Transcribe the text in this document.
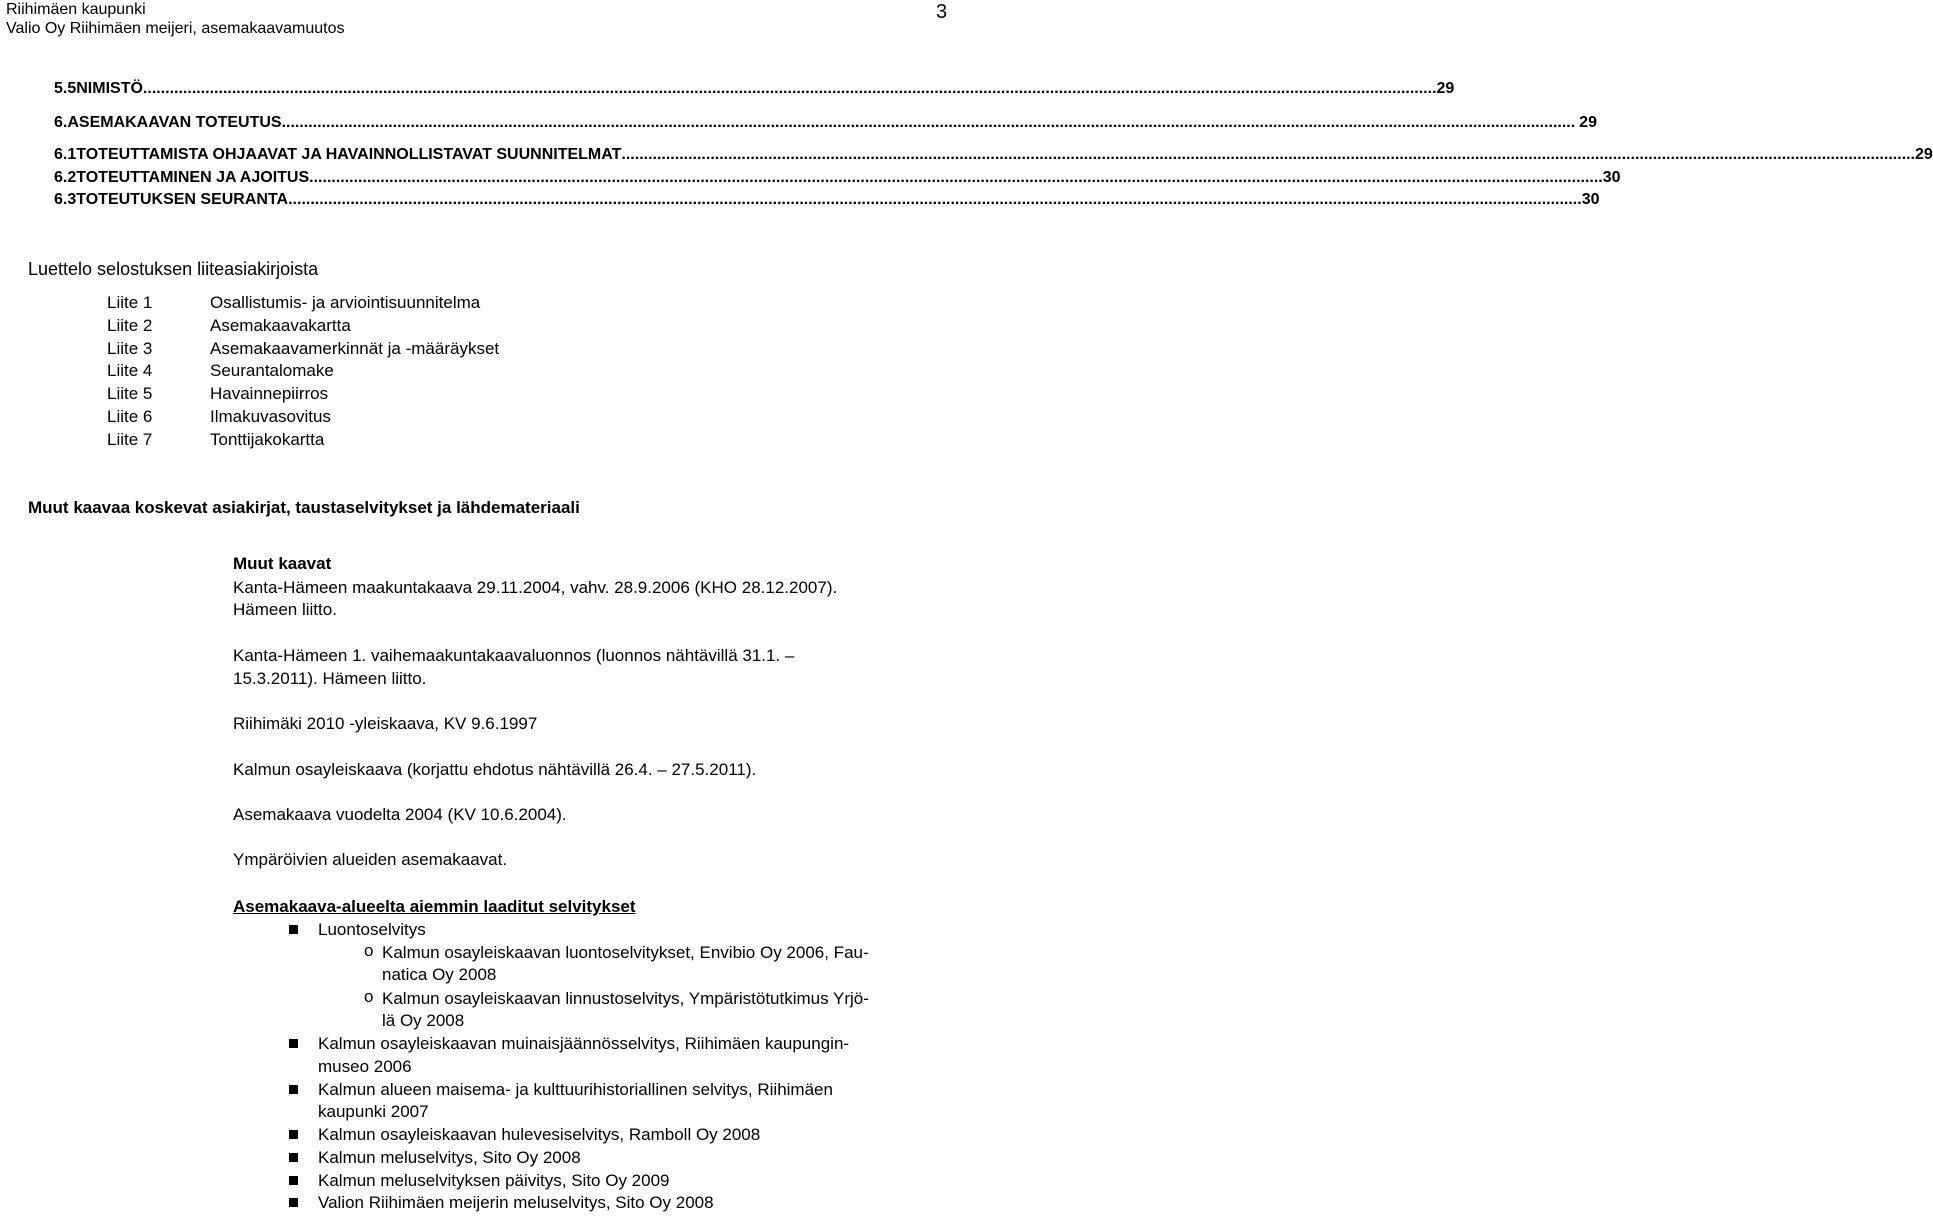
Riihimäen kaupunki
Valio Oy Riihimäen meijeri, asemakaavamuutos
3
5.5 NIMISTÖ .....	29
6. ASEMAKAAVAN TOTEUTUS .....	29
6.1 TOTEUTTAMISTA OHJAAVAT JA HAVAINNOLLISTAVAT SUUNNITELMAT .....	29
6.2 TOTEUTTAMINEN JA AJOITUS .....	30
6.3 TOTEUTUKSEN SEURANTA .....	30
Luettelo selostuksen liiteasiakirjoista
Liite 1	Osallistumis- ja arviointisuunnitelma
Liite 2	Asemakaavakartta
Liite 3	Asemakaavamerkinnät ja -määräykset
Liite 4	Seurantalomake
Liite 5	Havainnepiirros
Liite 6	Ilmakuvasovitus
Liite 7	Tonttijakokartta
Muut kaavaa koskevat asiakirjat, taustaselvitykset ja lähdemateriaali
Muut kaavat
Kanta-Hämeen maakuntakaava 29.11.2004, vahv. 28.9.2006 (KHO 28.12.2007).
Hämeen liitto.
Kanta-Hämeen 1. vaihemaakuntakaavaluonnos (luonnos nähtävillä 31.1. –
15.3.2011). Hämeen liitto.
Riihimäki 2010 -yleiskaava, KV 9.6.1997
Kalmun osayleiskaava (korjattu ehdotus nähtävillä 26.4. – 27.5.2011).
Asemakaava vuodelta 2004 (KV 10.6.2004).
Ympäröivien alueiden asemakaavat.
Asemakaava-alueelta aiemmin laaditut selvitykset
Luontoselvitys
o Kalmun osayleiskaavan luontoselvitykset, Envibio Oy 2006, Fau-
natica Oy 2008
o Kalmun osayleiskaavan linnustoselvitys, Ympäristötutkimus Yrjö-
lä Oy 2008
Kalmun osayleiskaavan muinaisjäännösselvitys, Riihimäen kaupungin-
museo 2006
Kalmun alueen maisema- ja kulttuurihistoriallinen selvitys, Riihimäen
kaupunki 2007
Kalmun osayleiskaavan hulevesiselvitys, Ramboll Oy 2008
Kalmun meluselvitys, Sito Oy 2008
Kalmun meluselvityksen päivitys, Sito Oy 2009
Valion Riihimäen meijerin meluselvitys, Sito Oy 2008
